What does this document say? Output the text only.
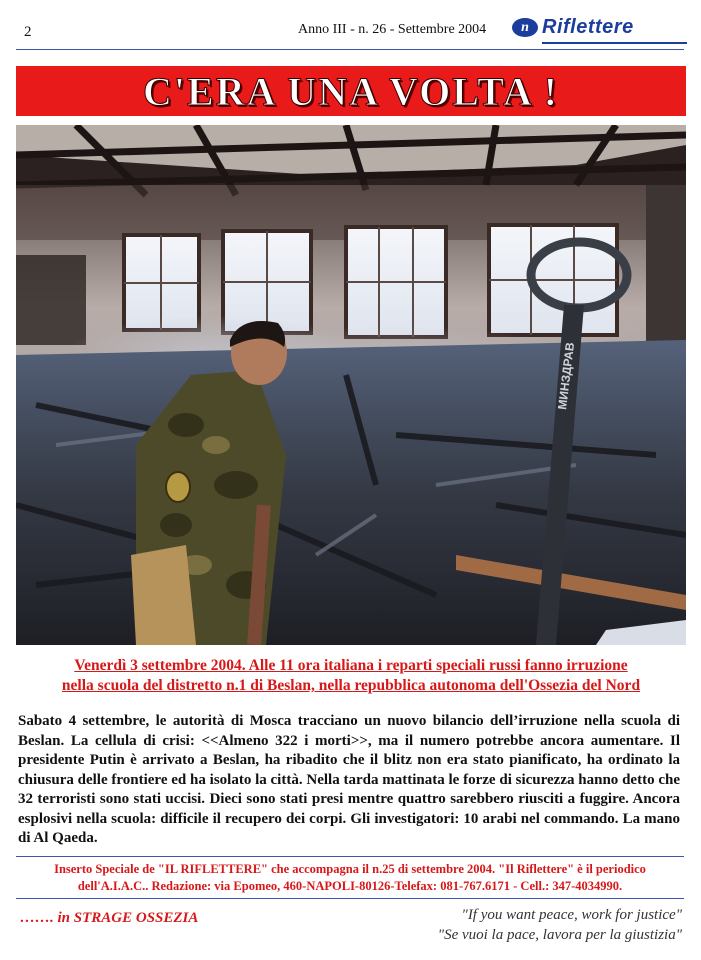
2	Anno III - n. 26 - Settembre 2004	n Riflettere
C'ERA UNA VOLTA !
МИНЗДРАВ
Venerdì 3 settembre 2004. Alle 11 ora italiana i reparti speciali russi fanno irruzione
nella scuola del distretto n.1 di Beslan, nella repubblica autonoma dell'Ossezia del Nord

Sabato 4 settembre, le autorità di Mosca tracciano un nuovo bilancio dell’irruzione nella scuola di Beslan. La cellula di crisi: <<Almeno 322 i morti>>, ma il numero potrebbe ancora aumentare. Il presidente Putin è arrivato a Beslan, ha ribadito che il blitz non era stato pianificato, ha ordinato la chiusura delle frontiere ed ha isolato la città. Nella tarda mattinata le forze di sicurezza hanno detto che 32 terroristi sono stati uccisi. Dieci sono stati presi mentre quattro sarebbero riusciti a fuggire. Ancora esplosivi nella scuola: difficile il recupero dei corpi. Gli investigatori: 10 arabi nel commando. La mano di Al Qaeda.

Inserto Speciale de "IL RIFLETTERE" che accompagna il n.25 di settembre 2004. "Il Riflettere" è il periodico
dell'A.I.A.C.. Redazione: via Epomeo, 460-NAPOLI-80126-Telefax: 081-767.6171 - Cell.: 347-4034990.
……. in STRAGE OSSEZIA	"If you want peace, work for justice"
"Se vuoi la pace, lavora per la giustizia"
